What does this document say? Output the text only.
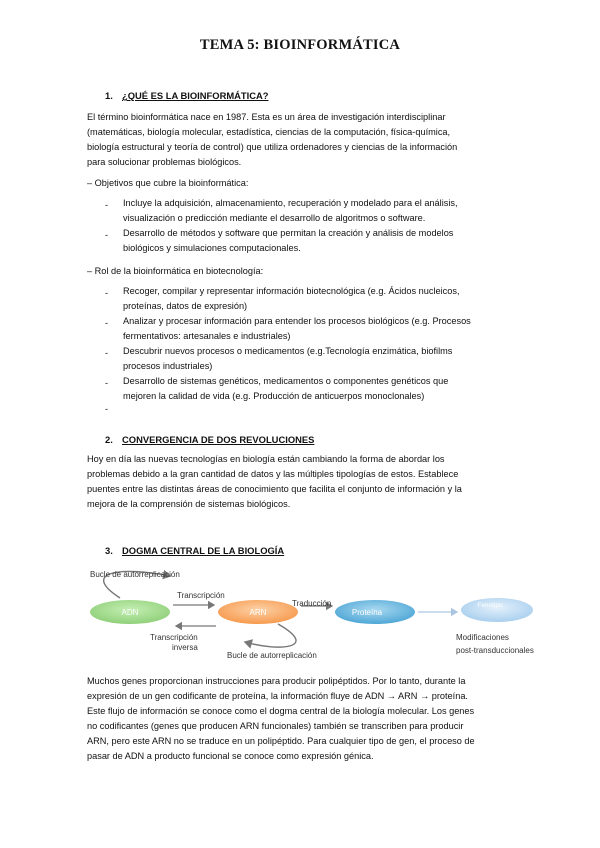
TEMA 5: BIOINFORMÁTICA
1. ¿QUÉ ES LA BIOINFORMÁTICA?
El término bioinformática nace en 1987. Esta es un área de investigación interdisciplinar
(matemáticas, biología molecular, estadística, ciencias de la computación, física-química,
biología estructural y teoría de control) que utiliza ordenadores y ciencias de la información
para solucionar problemas biológicos.
– Objetivos que cubre la bioinformática:
- Incluye la adquisición, almacenamiento, recuperación y modelado para el análisis,
visualización o predicción mediante el desarrollo de algoritmos o software.
- Desarrollo de métodos y software que permitan la creación y análisis de modelos
biológicos y simulaciones computacionales.
– Rol de la bioinformática en biotecnología:
- Recoger, compilar y representar información biotecnológica (e.g. Ácidos nucleicos,
proteínas, datos de expresión)
- Analizar y procesar información para entender los procesos biológicos (e.g. Procesos
fermentativos: artesanales e industriales)
- Descubrir nuevos procesos o medicamentos (e.g.Tecnología enzimática, biofilms
procesos industriales)
- Desarrollo de sistemas genéticos, medicamentos o componentes genéticos que
mejoren la calidad de vida (e.g. Producción de anticuerpos monoclonales)
-
2. CONVERGENCIA DE DOS REVOLUCIONES
Hoy en día las nuevas tecnologías en biología están cambiando la forma de abordar los
problemas debido a la gran cantidad de datos y las múltiples tipologías de estos. Establece
puentes entre las distintas áreas de conocimiento que facilita el conjunto de información y la
mejora de la comprensión de sistemas biológicos.
3. DOGMA CENTRAL DE LA BIOLOGÍA
Bucle de autorreplicación
ADN	ARN	Proteína
Fenotipo
Transcripción
Traducción
Transcripción
inversa
Bucle de autorreplicación
Modificaciones
post-transduccionales
Muchos genes proporcionan instrucciones para producir polipéptidos. Por lo tanto, durante la
expresión de un gen codificante de proteína, la información fluye de ADN → ARN → proteína.
Este flujo de información se conoce como el dogma central de la biología molecular. Los genes
no codificantes (genes que producen ARN funcionales) también se transcriben para producir
ARN, pero este ARN no se traduce en un polipéptido. Para cualquier tipo de gen, el proceso de
pasar de ADN a producto funcional se conoce como expresión génica.
